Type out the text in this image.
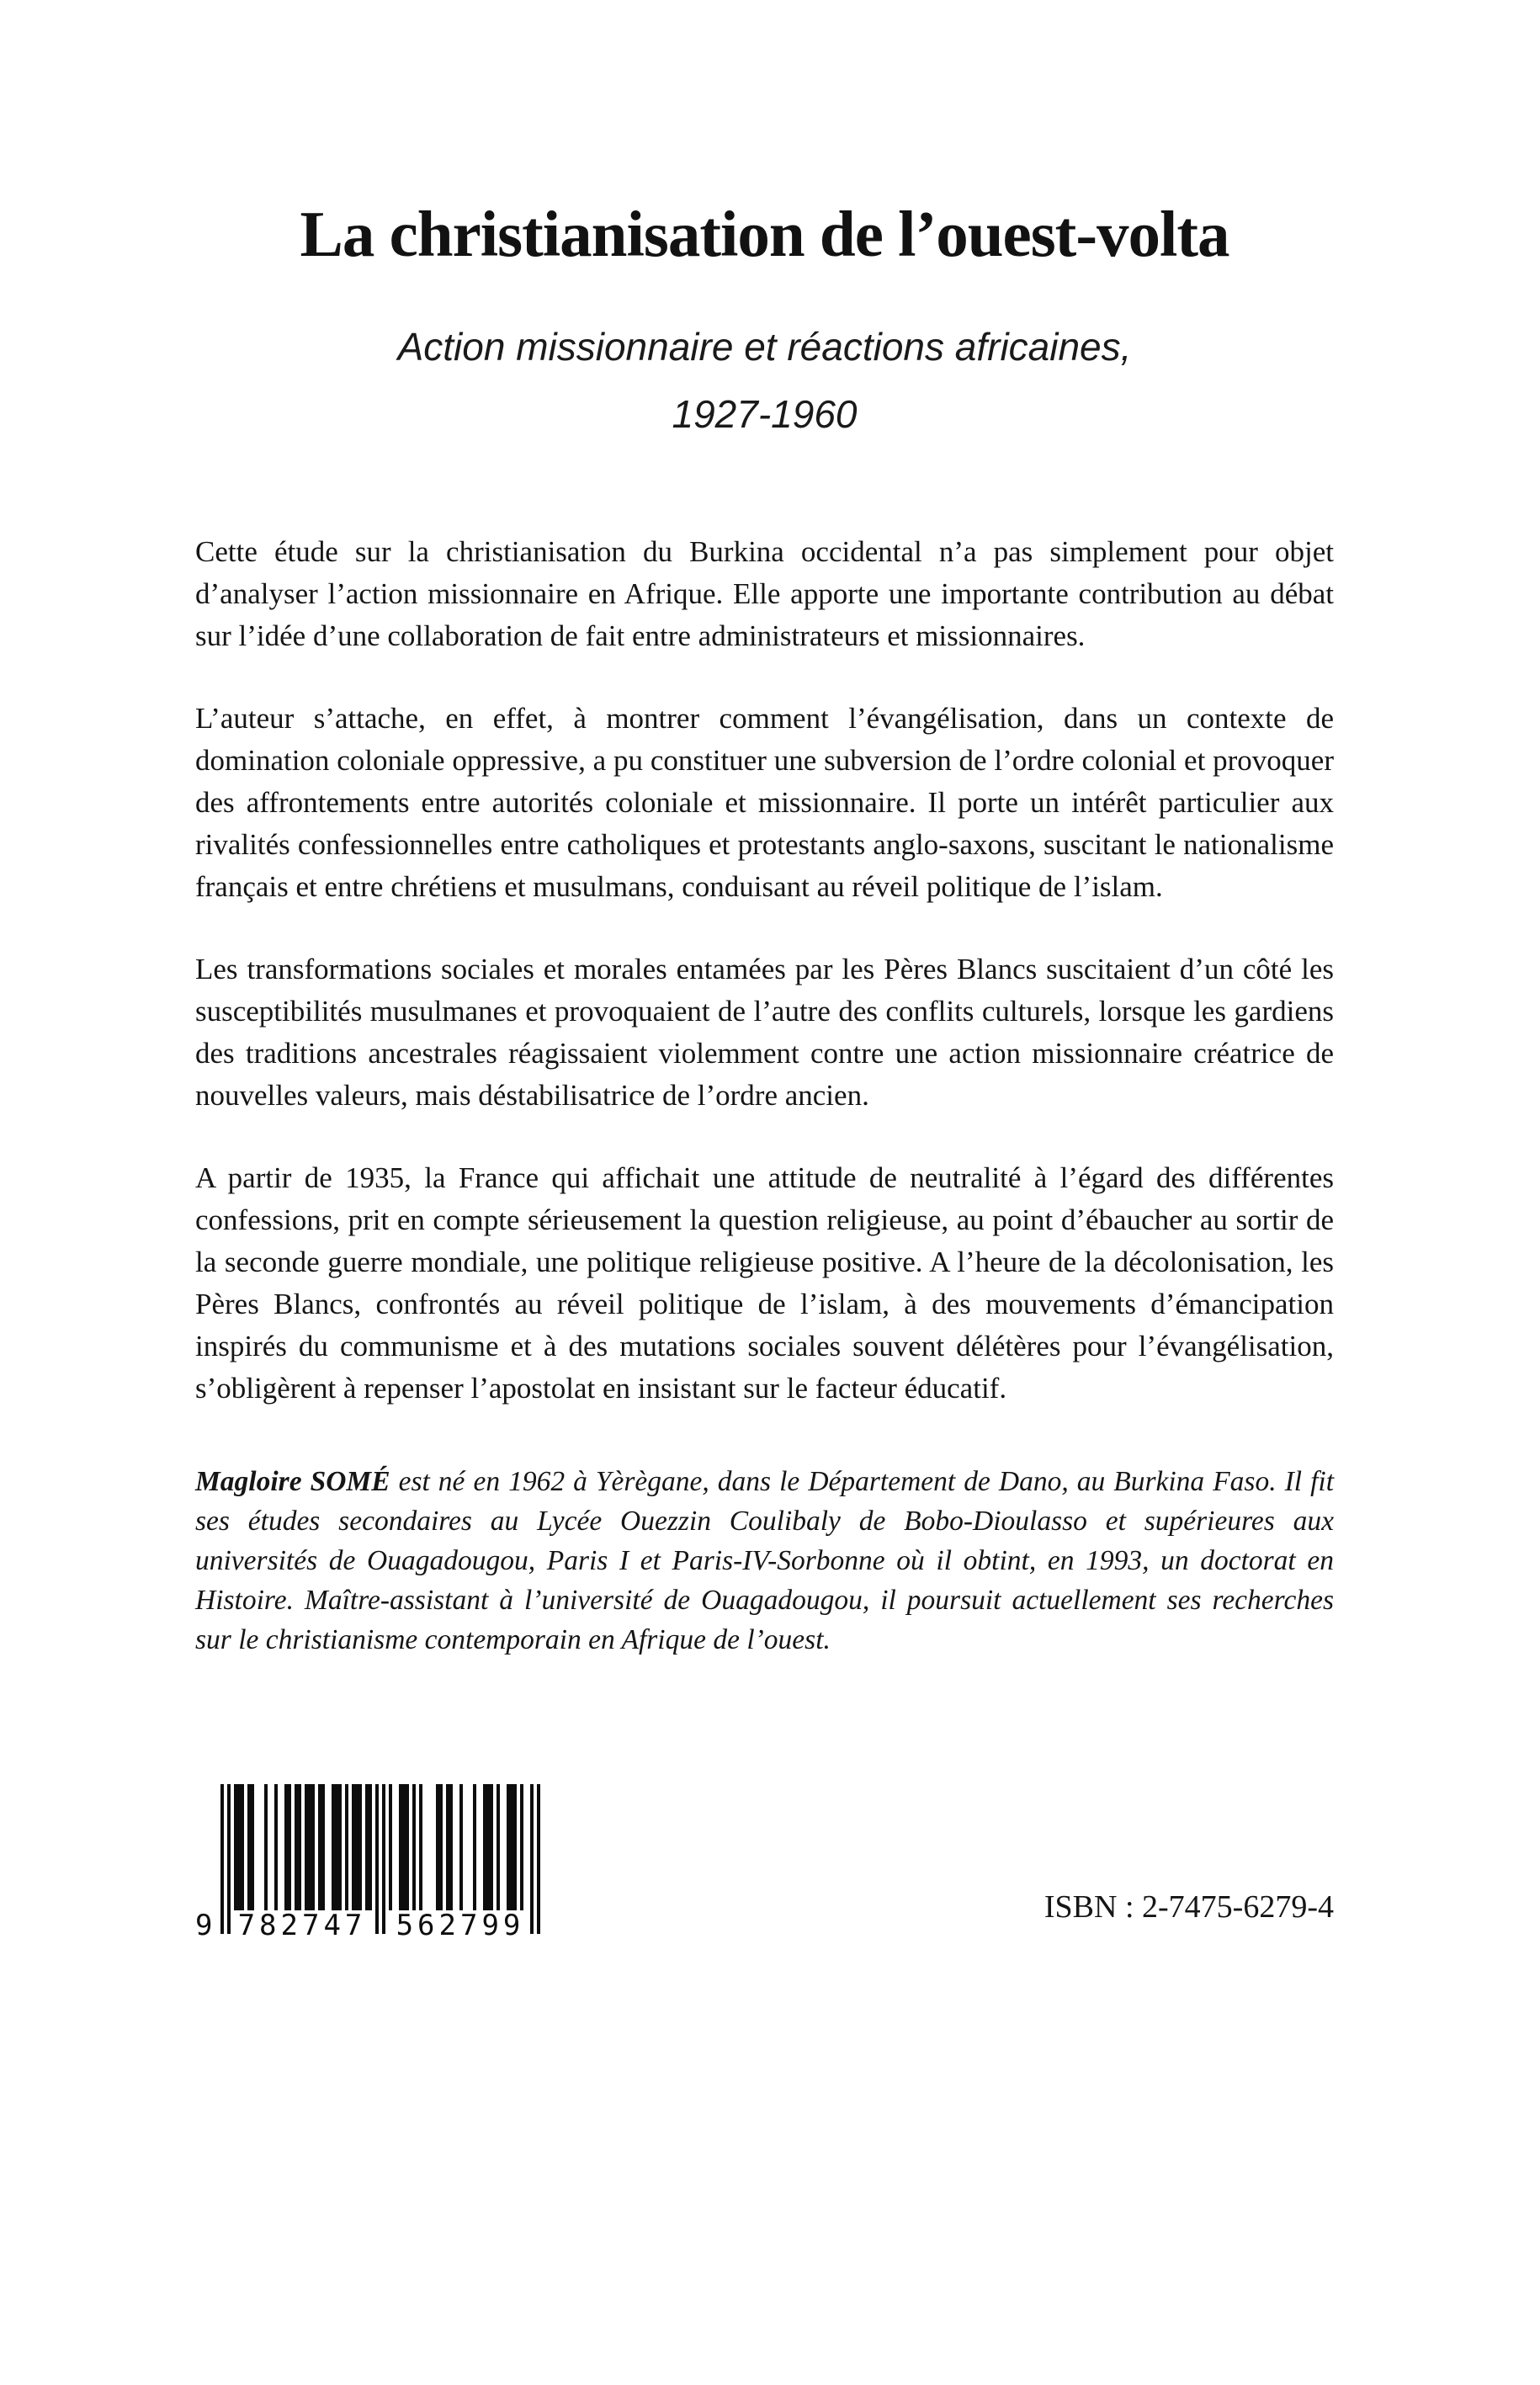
La christianisation de l’ouest-volta
Action missionnaire et réactions africaines,
1927-1960

Cette étude sur la christianisation du Burkina occidental n’a pas simplement pour objet d’analyser l’action missionnaire en Afrique. Elle apporte une importante contribution au débat sur l’idée d’une collaboration de fait entre administrateurs et missionnaires.

L’auteur s’attache, en effet, à montrer comment l’évangélisation, dans un contexte de domination coloniale oppressive, a pu constituer une subversion de l’ordre colonial et provoquer des affrontements entre autorités coloniale et missionnaire. Il porte un intérêt particulier aux rivalités confessionnelles entre catholiques et protestants anglo-saxons, suscitant le nationalisme français et entre chrétiens et musulmans, conduisant au réveil politique de l’islam.

Les transformations sociales et morales entamées par les Pères Blancs suscitaient d’un côté les susceptibilités musulmanes et provoquaient de l’autre des conflits culturels, lorsque les gardiens des traditions ancestrales réagissaient violemment contre une action missionnaire créatrice de nouvelles valeurs, mais déstabilisatrice de l’ordre ancien.

A partir de 1935, la France qui affichait une attitude de neutralité à l’égard des différentes confessions, prit en compte sérieusement la question religieuse, au point d’ébaucher au sortir de la seconde guerre mondiale, une politique religieuse positive. A l’heure de la décolonisation, les Pères Blancs, confrontés au réveil politique de l’islam, à des mouvements d’émancipation inspirés du communisme et à des mutations sociales souvent délétères pour l’évangélisation, s’obligèrent à repenser l’apostolat en insistant sur le facteur éducatif.

Magloire SOMÉ est né en 1962 à Yèrègane, dans le Département de Dano, au Burkina Faso. Il fit ses études secondaires au Lycée Ouezzin Coulibaly de Bobo-Dioulasso et supérieures aux universités de Ouagadougou, Paris I et Paris-IV-Sorbonne où il obtint, en 1993, un doctorat en Histoire. Maître-assistant à l’université de Ouagadougou, il poursuit actuellement ses recherches sur le christianisme contemporain en Afrique de l’ouest.

9 782747 562799
ISBN : 2-7475-6279-4
